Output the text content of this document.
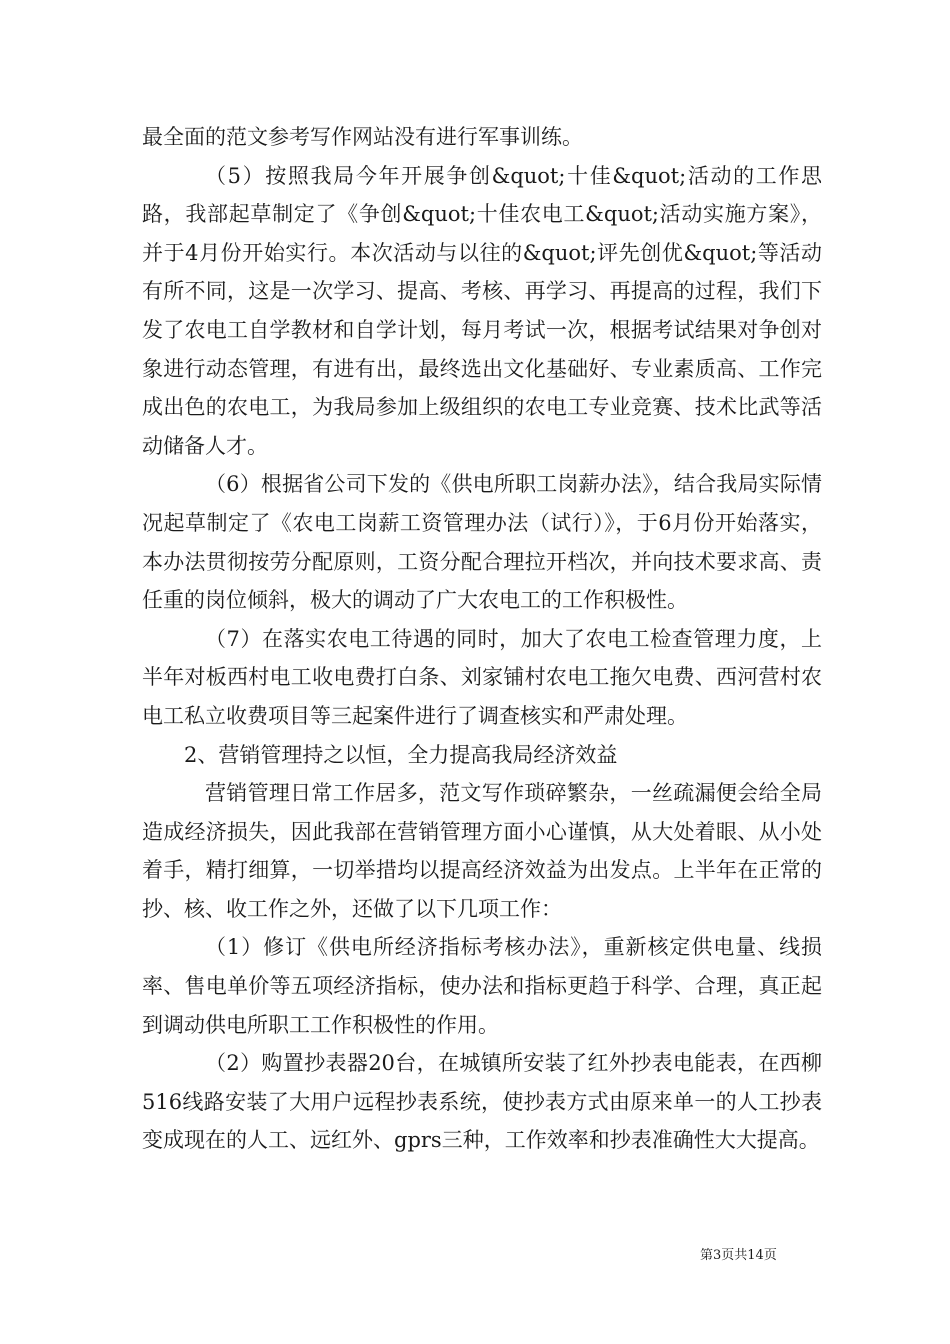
最全面的范文参考写作网站没有进行军事训练。

（5）按照我局今年开展争创&quot;十佳&quot;活动的工作思路，我部起草制定了《争创&quot;十佳农电工&quot;活动实施方案》，并于4月份开始实行。本次活动与以往的&quot;评先创优&quot;等活动有所不同，这是一次学习、提高、考核、再学习、再提高的过程，我们下发了农电工自学教材和自学计划，每月考试一次，根据考试结果对争创对象进行动态管理，有进有出，最终选出文化基础好、专业素质高、工作完成出色的农电工，为我局参加上级组织的农电工专业竞赛、技术比武等活动储备人才。

（6）根据省公司下发的《供电所职工岗薪办法》，结合我局实际情况起草制定了《农电工岗薪工资管理办法（试行）》，于6月份开始落实，本办法贯彻按劳分配原则，工资分配合理拉开档次，并向技术要求高、责任重的岗位倾斜，极大的调动了广大农电工的工作积极性。

（7）在落实农电工待遇的同时，加大了农电工检查管理力度，上半年对板西村电工收电费打白条、刘家铺村农电工拖欠电费、西河营村农电工私立收费项目等三起案件进行了调查核实和严肃处理。

2、营销管理持之以恒，全力提高我局经济效益

营销管理日常工作居多，范文写作琐碎繁杂，一丝疏漏便会给全局造成经济损失，因此我部在营销管理方面小心谨慎，从大处着眼、从小处着手，精打细算，一切举措均以提高经济效益为出发点。上半年在正常的抄、核、收工作之外，还做了以下几项工作：

（1）修订《供电所经济指标考核办法》，重新核定供电量、线损率、售电单价等五项经济指标，使办法和指标更趋于科学、合理，真正起到调动供电所职工工作积极性的作用。

（2）购置抄表器20台，在城镇所安装了红外抄表电能表，在西柳516线路安装了大用户远程抄表系统，使抄表方式由原来单一的人工抄表变成现在的人工、远红外、gprs三种，工作效率和抄表准确性大大提高。

第3页共14页
